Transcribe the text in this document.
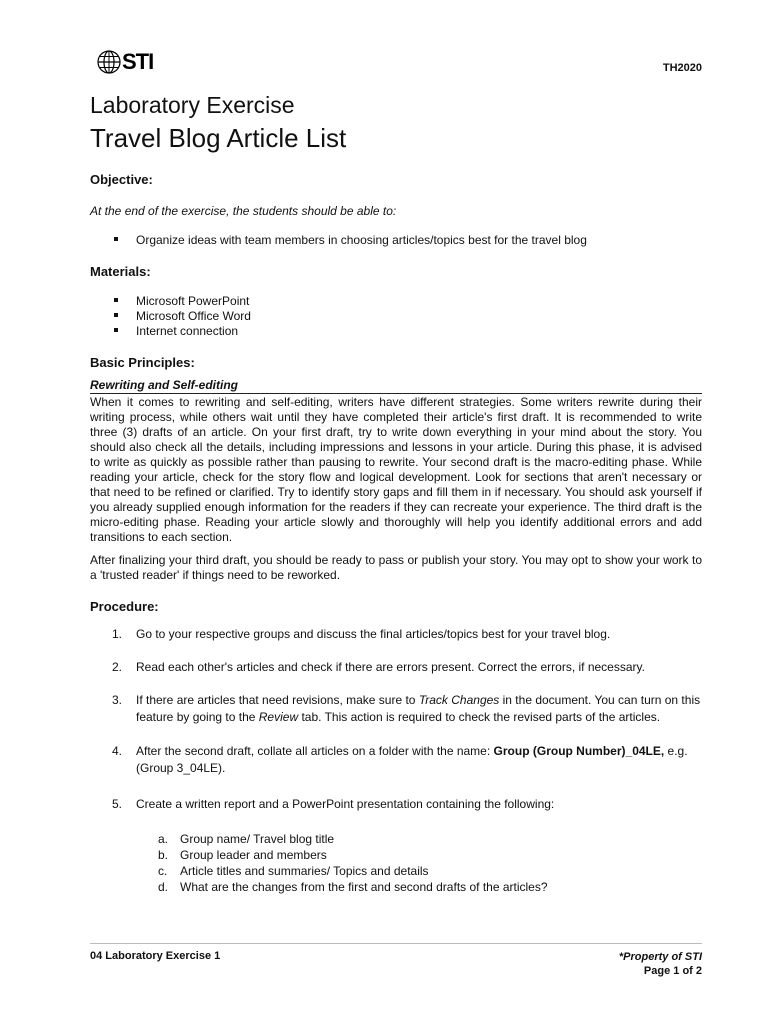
STI	TH2020
Laboratory Exercise
Travel Blog Article List
Objective:
At the end of the exercise, the students should be able to:
Organize ideas with team members in choosing articles/topics best for the travel blog
Materials:
Microsoft PowerPoint
Microsoft Office Word
Internet connection
Basic Principles:
Rewriting and Self-editing

When it comes to rewriting and self-editing, writers have different strategies. Some writers rewrite during their writing process, while others wait until they have completed their article's first draft. It is recommended to write three (3) drafts of an article. On your first draft, try to write down everything in your mind about the story. You should also check all the details, including impressions and lessons in your article. During this phase, it is advised to write as quickly as possible rather than pausing to rewrite. Your second draft is the macro-editing phase. While reading your article, check for the story flow and logical development. Look for sections that aren't necessary or that need to be refined or clarified. Try to identify story gaps and fill them in if necessary. You should ask yourself if you already supplied enough information for the readers if they can recreate your experience. The third draft is the micro-editing phase. Reading your article slowly and thoroughly will help you identify additional errors and add transitions to each section.

After finalizing your third draft, you should be ready to pass or publish your story. You may opt to show your work to a 'trusted reader' if things need to be reworked.

Procedure:
1. Go to your respective groups and discuss the final articles/topics best for your travel blog.
2. Read each other's articles and check if there are errors present. Correct the errors, if necessary.
3. If there are articles that need revisions, make sure to Track Changes in the document. You can turn on this feature by going to the Review tab. This action is required to check the revised parts of the articles.
4. After the second draft, collate all articles on a folder with the name: Group (Group Number)_04LE, e.g. (Group 3_04LE).
5. Create a written report and a PowerPoint presentation containing the following:
a. Group name/ Travel blog title
b. Group leader and members
c. Article titles and summaries/ Topics and details
d. What are the changes from the first and second drafts of the articles?
04 Laboratory Exercise 1	*Property of STI
Page 1 of 2
